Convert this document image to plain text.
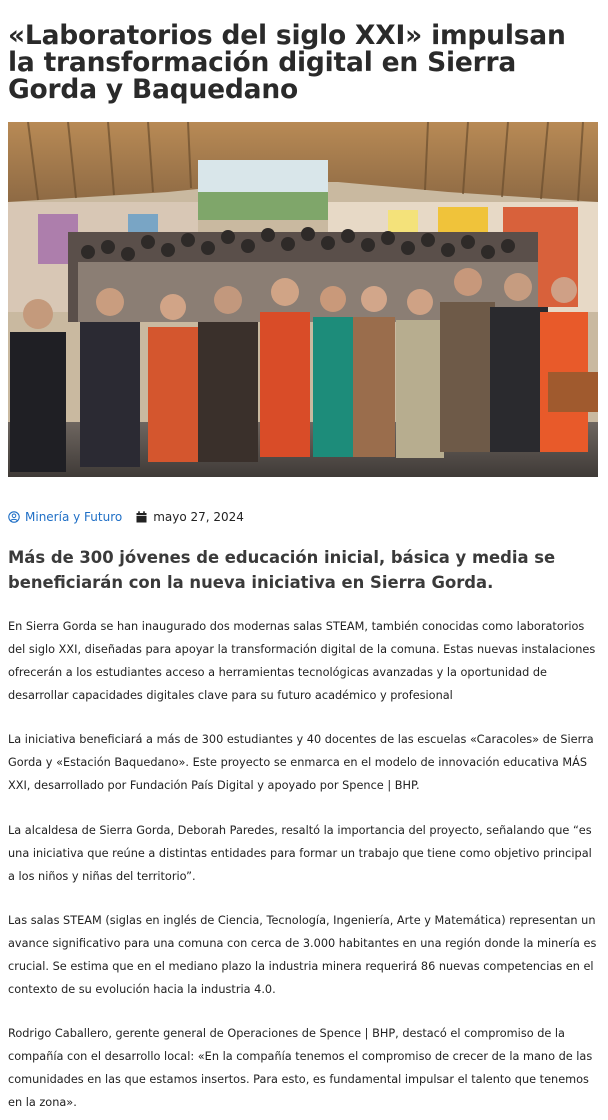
«Laboratorios del siglo XXI» impulsan la transformación digital en Sierra Gorda y Baquedano
Minería y Futuro	mayo 27, 2024
Más de 300 jóvenes de educación inicial, básica y media se beneficiarán con la nueva iniciativa en Sierra Gorda.

En Sierra Gorda se han inaugurado dos modernas salas STEAM, también conocidas como laboratorios del siglo XXI, diseñadas para apoyar la transformación digital de la comuna. Estas nuevas instalaciones ofrecerán a los estudiantes acceso a herramientas tecnológicas avanzadas y la oportunidad de desarrollar capacidades digitales clave para su futuro académico y profesional

La iniciativa beneficiará a más de 300 estudiantes y 40 docentes de las escuelas «Caracoles» de Sierra Gorda y «Estación Baquedano». Este proyecto se enmarca en el modelo de innovación educativa MÁS XXI, desarrollado por Fundación País Digital y apoyado por Spence | BHP.

La alcaldesa de Sierra Gorda, Deborah Paredes, resaltó la importancia del proyecto, señalando que “es una iniciativa que reúne a distintas entidades para formar un trabajo que tiene como objetivo principal a los niños y niñas del territorio”.

Las salas STEAM (siglas en inglés de Ciencia, Tecnología, Ingeniería, Arte y Matemática) representan un avance significativo para una comuna con cerca de 3.000 habitantes en una región donde la minería es crucial. Se estima que en el mediano plazo la industria minera requerirá 86 nuevas competencias en el contexto de su evolución hacia la industria 4.0.

Rodrigo Caballero, gerente general de Operaciones de Spence | BHP, destacó el compromiso de la compañía con el desarrollo local: «En la compañía tenemos el compromiso de crecer de la mano de las comunidades en las que estamos insertos. Para esto, es fundamental impulsar el talento que tenemos en la zona».
